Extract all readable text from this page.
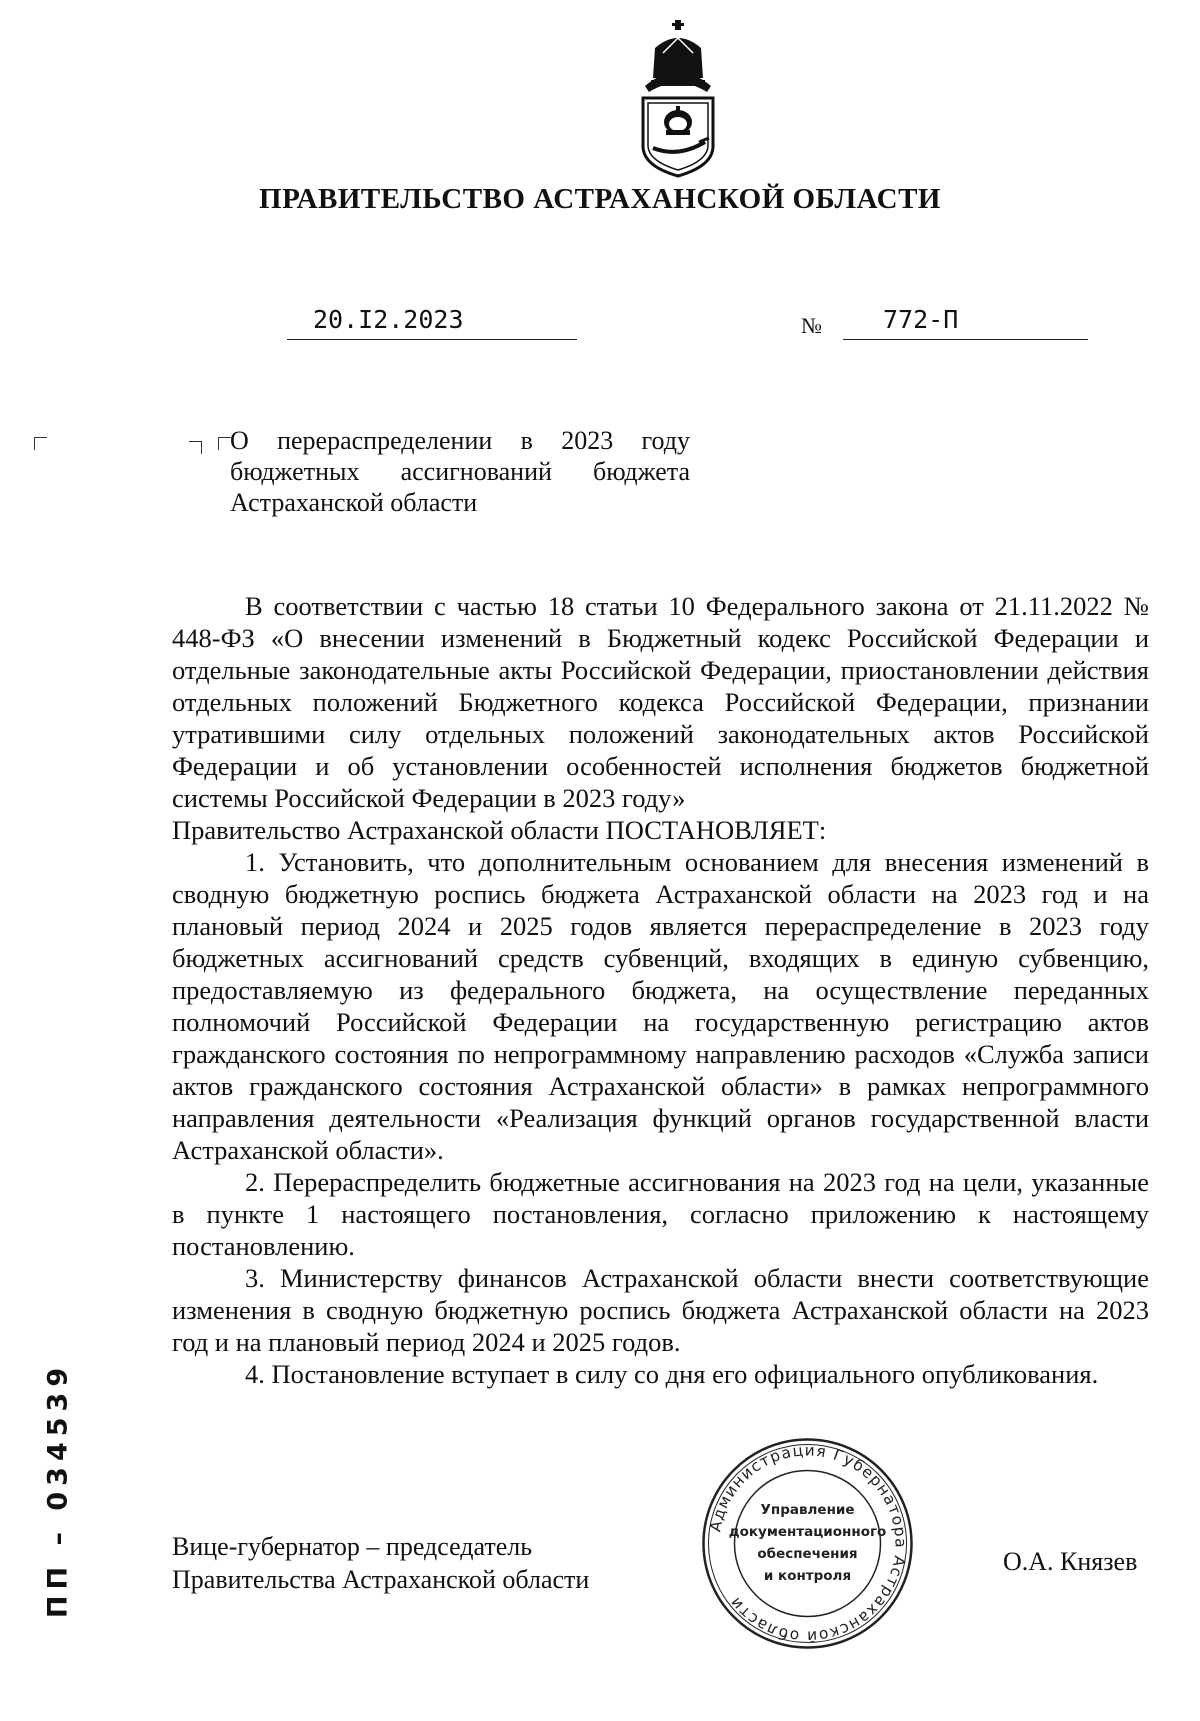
ПРАВИТЕЛЬСТВО АСТРАХАНСКОЙ ОБЛАСТИ
20.I2.2023	№ 772-П
О перераспределении в 2023 году
бюджетных ассигнований бюджета
Астраханской области

В соответствии с частью 18 статьи 10 Федерального закона от 21.11.2022 № 448-ФЗ «О внесении изменений в Бюджетный кодекс Российской Федерации и отдельные законодательные акты Российской Федерации, приостановлении действия отдельных положений Бюджетного кодекса Российской Федерации, признании утратившими силу отдельных положений законодательных актов Российской Федерации и об установлении особенностей исполнения бюджетов бюджетной системы Российской Федерации в 2023 году»

Правительство Астраханской области ПОСТАНОВЛЯЕТ:

1. Установить, что дополнительным основанием для внесения изменений в сводную бюджетную роспись бюджета Астраханской области на 2023 год и на плановый период 2024 и 2025 годов является перераспределение в 2023 году бюджетных ассигнований средств субвенций, входящих в единую субвенцию, предоставляемую из федерального бюджета, на осуществление переданных полномочий Российской Федерации на государственную регистрацию актов гражданского состояния по непрограммному направлению расходов «Служба записи актов гражданского состояния Астраханской области» в рамках непрограммного направления деятельности «Реализация функций органов государственной власти Астраханской области».

2. Перераспределить бюджетные ассигнования на 2023 год на цели, указанные в пункте 1 настоящего постановления, согласно приложению к настоящему постановлению.

3. Министерству финансов Астраханской области внести соответствующие изменения в сводную бюджетную роспись бюджета Астраханской области на 2023 год и на плановый период 2024 и 2025 годов.

4. Постановление вступает в силу со дня его официального опубликования.

Вице-губернатор – председатель
Правительства Астраханской области
О.А. Князев
Администрация Губернатора Астраханской области
Управление
документационного
обеспечения
и контроля
ПП – 034539
